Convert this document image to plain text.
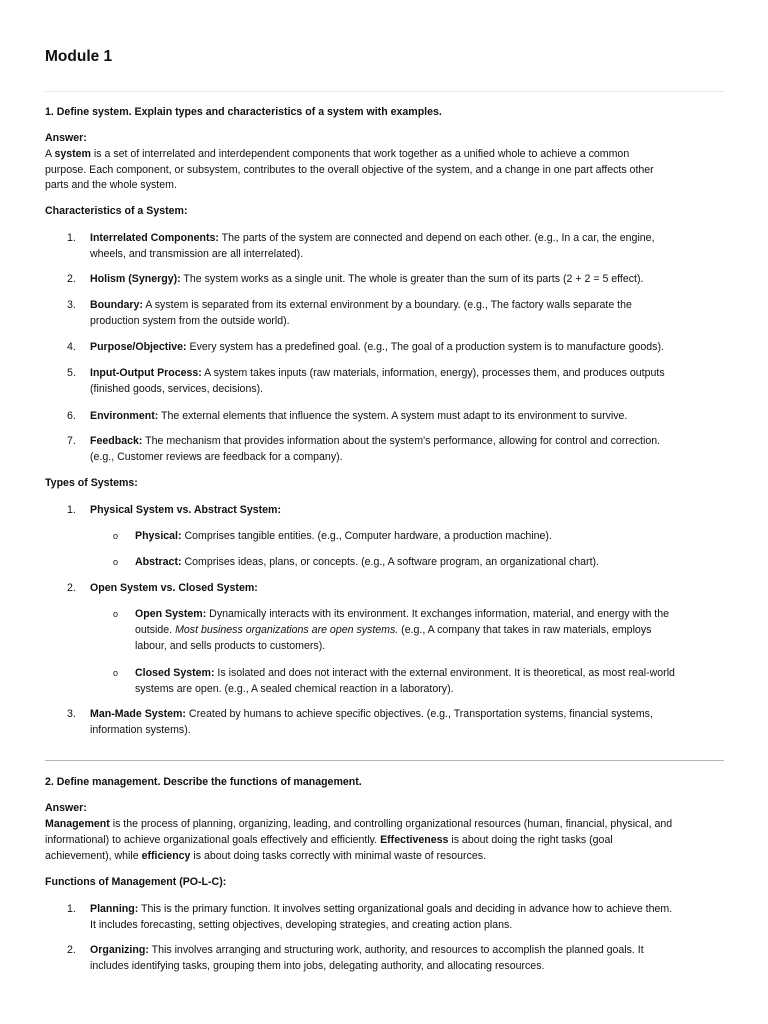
Module 1
1. Define system. Explain types and characteristics of a system with examples.
Answer:
A system is a set of interrelated and interdependent components that work together as a unified whole to achieve a common
purpose. Each component, or subsystem, contributes to the overall objective of the system, and a change in one part affects other
parts and the whole system.
Characteristics of a System:
1. Interrelated Components: The parts of the system are connected and depend on each other. (e.g., In a car, the engine,
wheels, and transmission are all interrelated).
2. Holism (Synergy): The system works as a single unit. The whole is greater than the sum of its parts (2 + 2 = 5 effect).
3. Boundary: A system is separated from its external environment by a boundary. (e.g., The factory walls separate the
production system from the outside world).
4. Purpose/Objective: Every system has a predefined goal. (e.g., The goal of a production system is to manufacture goods).
5. Input-Output Process: A system takes inputs (raw materials, information, energy), processes them, and produces outputs
(finished goods, services, decisions).
6. Environment: The external elements that influence the system. A system must adapt to its environment to survive.
7. Feedback: The mechanism that provides information about the system's performance, allowing for control and correction.
(e.g., Customer reviews are feedback for a company).
Types of Systems:
1. Physical System vs. Abstract System:
o Physical: Comprises tangible entities. (e.g., Computer hardware, a production machine).
o Abstract: Comprises ideas, plans, or concepts. (e.g., A software program, an organizational chart).
2. Open System vs. Closed System:
o Open System: Dynamically interacts with its environment. It exchanges information, material, and energy with the
outside. Most business organizations are open systems. (e.g., A company that takes in raw materials, employs
labour, and sells products to customers).
o Closed System: Is isolated and does not interact with the external environment. It is theoretical, as most real-world
systems are open. (e.g., A sealed chemical reaction in a laboratory).
3. Man-Made System: Created by humans to achieve specific objectives. (e.g., Transportation systems, financial systems,
information systems).
2. Define management. Describe the functions of management.
Answer:
Management is the process of planning, organizing, leading, and controlling organizational resources (human, financial, physical, and
informational) to achieve organizational goals effectively and efficiently. Effectiveness is about doing the right tasks (goal
achievement), while efficiency is about doing tasks correctly with minimal waste of resources.
Functions of Management (PO-L-C):
1. Planning: This is the primary function. It involves setting organizational goals and deciding in advance how to achieve them.
It includes forecasting, setting objectives, developing strategies, and creating action plans.
2. Organizing: This involves arranging and structuring work, authority, and resources to accomplish the planned goals. It
includes identifying tasks, grouping them into jobs, delegating authority, and allocating resources.
